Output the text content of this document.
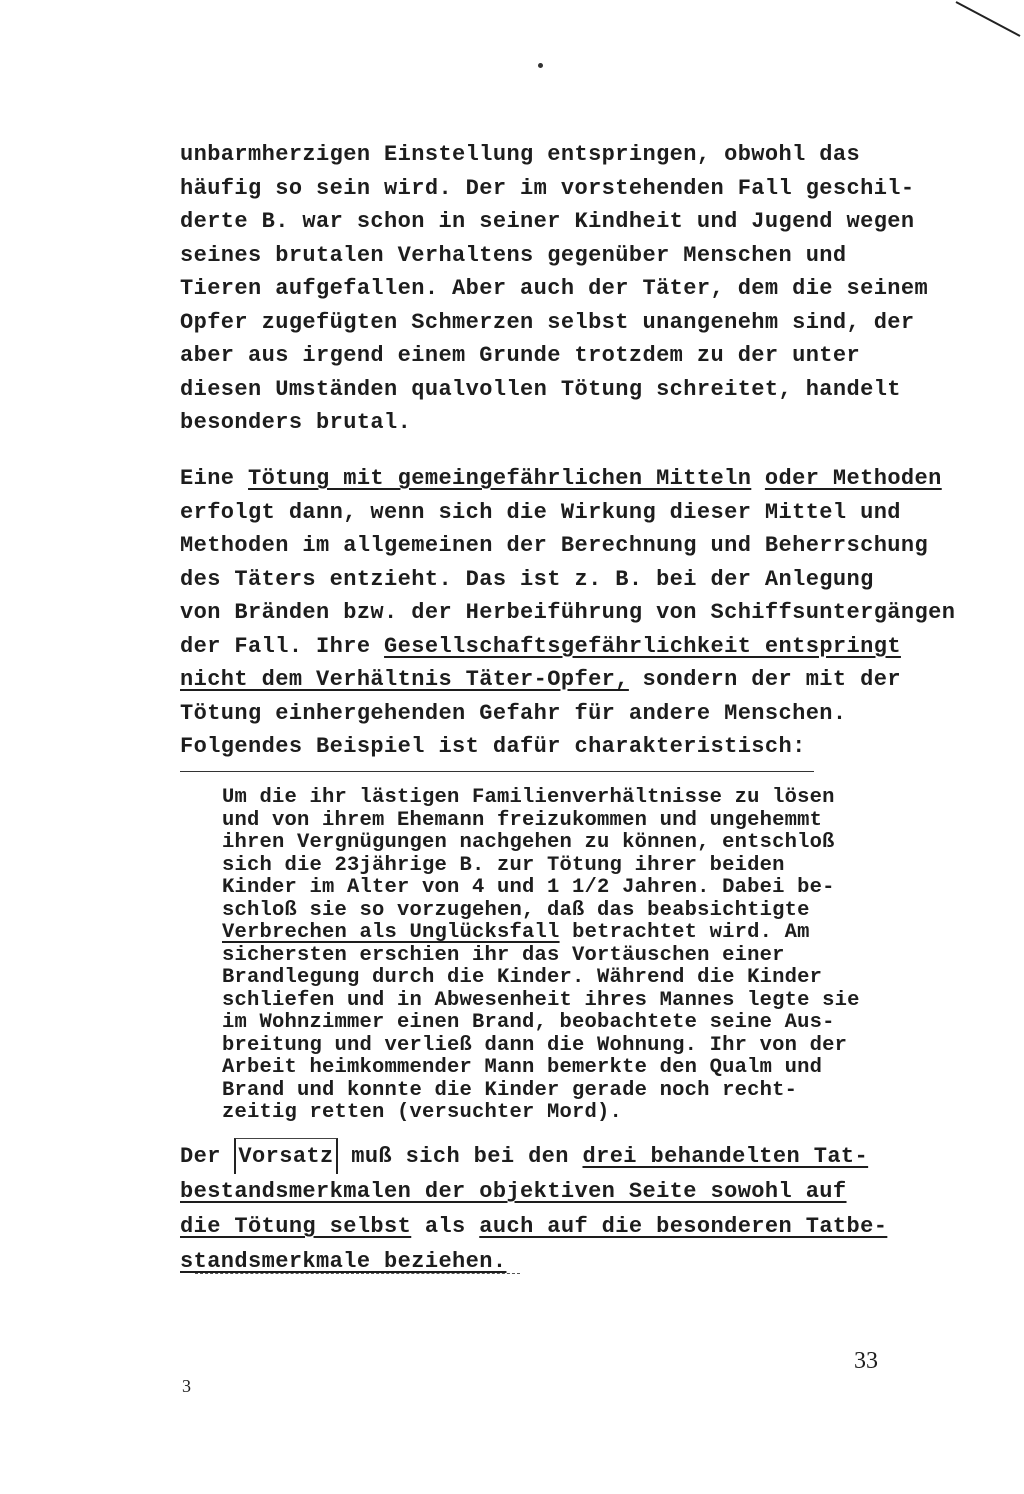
unbarmherzigen Einstellung entspringen, obwohl das
häufig so sein wird. Der im vorstehenden Fall geschil-
derte B. war schon in seiner Kindheit und Jugend wegen
seines brutalen Verhaltens gegenüber Menschen und
Tieren aufgefallen. Aber auch der Täter, dem die seinem
Opfer zugefügten Schmerzen selbst unangenehm sind, der
aber aus irgend einem Grunde trotzdem zu der unter
diesen Umständen qualvollen Tötung schreitet, handelt
besonders brutal.
Eine Tötung mit gemeingefährlichen Mitteln oder Methoden
erfolgt dann, wenn sich die Wirkung dieser Mittel und
Methoden im allgemeinen der Berechnung und Beherrschung
des Täters entzieht. Das ist z. B. bei der Anlegung
von Bränden bzw. der Herbeiführung von Schiffsuntergängen
der Fall. Ihre Gesellschaftsgefährlichkeit entspringt
nicht dem Verhältnis Täter-Opfer, sondern der mit der
Tötung einhergehenden Gefahr für andere Menschen.
Folgendes Beispiel ist dafür charakteristisch:
Um die ihr lästigen Familienverhältnisse zu lösen
und von ihrem Ehemann freizukommen und ungehemmt
ihren Vergnügungen nachgehen zu können, entschloß
sich die 23jährige B. zur Tötung ihrer beiden
Kinder im Alter von 4 und 1 1/2 Jahren. Dabei be-
schloß sie so vorzugehen, daß das beabsichtigte
Verbrechen als Unglücksfall betrachtet wird. Am
sichersten erschien ihr das Vortäuschen einer
Brandlegung durch die Kinder. Während die Kinder
schliefen und in Abwesenheit ihres Mannes legte sie
im Wohnzimmer einen Brand, beobachtete seine Aus-
breitung und verließ dann die Wohnung. Ihr von der
Arbeit heimkommender Mann bemerkte den Qualm und
Brand und konnte die Kinder gerade noch recht-
zeitig retten (versuchter Mord).
Der Vorsatz muß sich bei den drei behandelten Tat-
bestandsmerkmalen der objektiven Seite sowohl auf
die Tötung selbst als auch auf die besonderen Tatbe-
standsmerkmale beziehen.
33
3
